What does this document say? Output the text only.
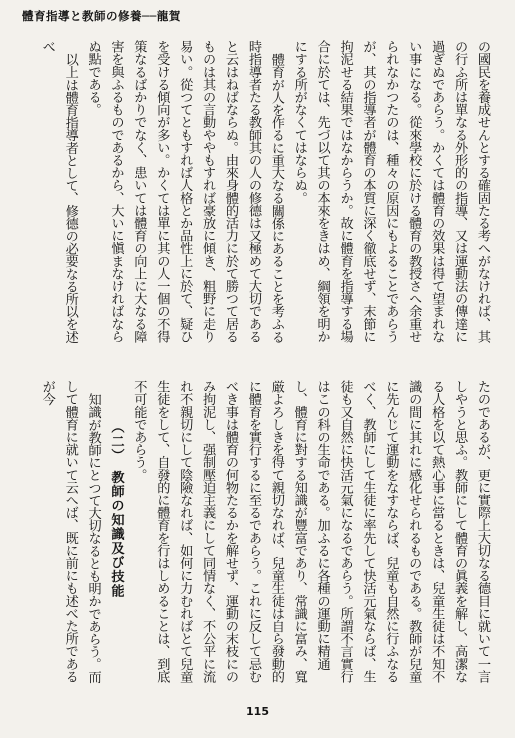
體育指導と教師の修養──龍賀

の國民を養成せんとする確固たる考へがなければ、其の行ふ所は單なる外形的の指導、又は運動法の傳達に過ぎぬであらう。かくては體育の效果は得て望まれない事になる。從來學校に於ける體育の教授さへ余重せられなかつたのは、種々の原因にもよることであらうが、其の指導者が體育の本質に深く徹底せず、末節に拘泥せる結果ではなからうか。故に體育を指導する場合に於ては、先づ以て其の本來をきはめ、綱領を明かにする所がなくてはならぬ。

體育が人を作るに重大なる關係にあることを考ふる時指導者たる教師其の人の修德は又極めて大切であると云はねばならぬ。由來身體的活力に於て勝つて居るものは其の言動ややもすれば豪放に傾き、粗野に走り易い。從つてともすれば人格とか品性上に於て、疑ひを受ける傾向が多い。かくては單に其の人一個の不得策なるばかりでなく、患いては體育の向上に大なる障害を與ふるものであるから、大いに愼まなければならぬ點である。

以上は體育指導者として、修德の必要なる所以を述べ

たのであるが、更に實際上大切なる德目に就いて一言しやうと思ふ。教師にして體育の眞義を解し、高潔なる人格を以て熱心事に當るときは、兒童生徒は不知不識の間に其れに感化せられるものである。教師が兒童に先んじて運動をなすならば、兒童も自然に行ふなるべく、教師にして生徒に率先して快活元氣ならば、生徒も又自然に快活元氣になるであらう。所謂不言實行はこの科の生命である。加ふるに各種の運動に精通し、體育に對する知識が豐富であり、常識に富み、寬厳よろしきを得て親切なれば、兒童生徒は自ら發動的に體育を實行するに至るであらう。これに反して忌むべき事は體育の何物たるかを解せず、運動の末枝にのみ拘泥し、强制壓迫主義にして同情なく、不公平に流れ不親切にして陰險なれば、如何に力むればとて兒童生徒をして、自發的に體育を行はしめることは、到底不可能であらう。

（二）　教師の知識及び技能

知識が教師にとつて大切なるとも明かであらう。而して體育に就いて云へば、既に前にも述べた所であるが今

115
